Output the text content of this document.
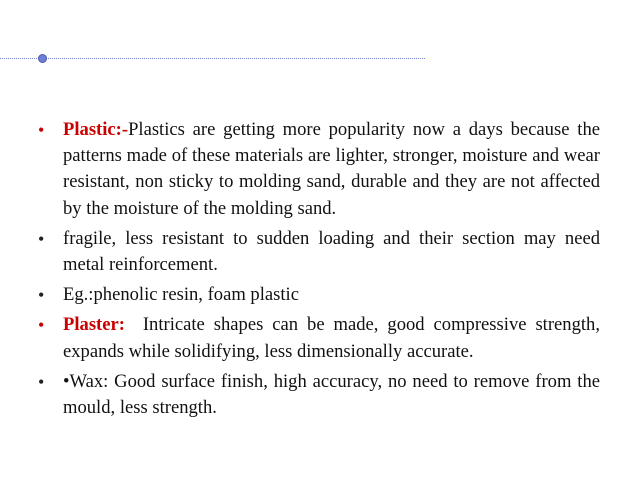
• Plastic:-Plastics are getting more popularity now a days because the patterns made of these materials are lighter, stronger, moisture and wear resistant, non sticky to molding sand, durable and they are not affected by the moisture of the molding sand.
• fragile, less resistant to sudden loading and their section may need metal reinforcement.
• Eg.:phenolic resin, foam plastic
• Plaster:  Intricate shapes can be made, good compressive strength, expands while solidifying, less dimensionally accurate.
• •Wax: Good surface finish, high accuracy, no need to remove from the mould, less strength.
